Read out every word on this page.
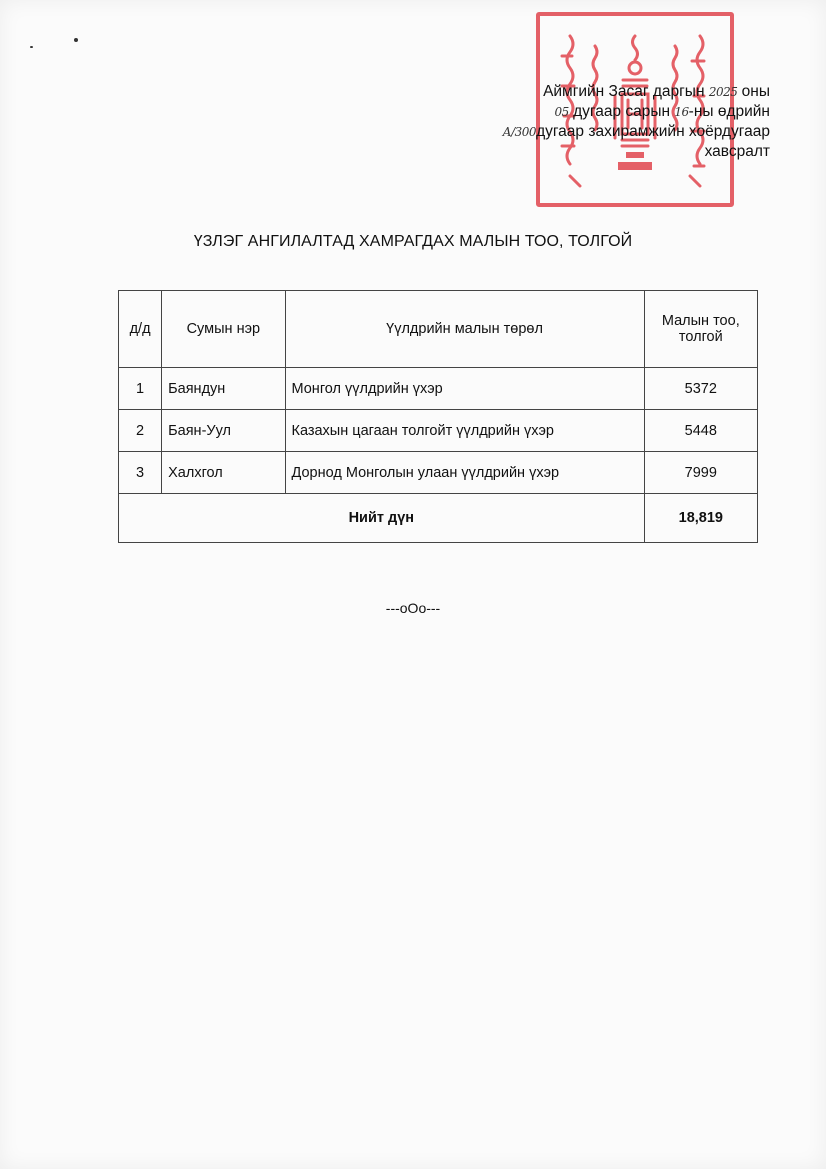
Аймгийн Засаг даргын 2025 оны
05 дугаар сарын 16-ны өдрийн
А/300дугаар захирамжийн хоёрдугаар
хавсралт
ҮЗЛЭГ АНГИЛАЛТАД ХАМРАГДАХ МАЛЫН ТОО, ТОЛГОЙ
д/д	Сумын нэр	Үүлдрийн малын төрөл	Малын тоо, толгой
1	Баяндун	Монгол үүлдрийн үхэр	5372
2	Баян-Уул	Казахын цагаан толгойт үүлдрийн үхэр	5448
3	Халхгол	Дорнод Монголын улаан үүлдрийн үхэр	7999
Нийт дүн			18,819
---oOo---
